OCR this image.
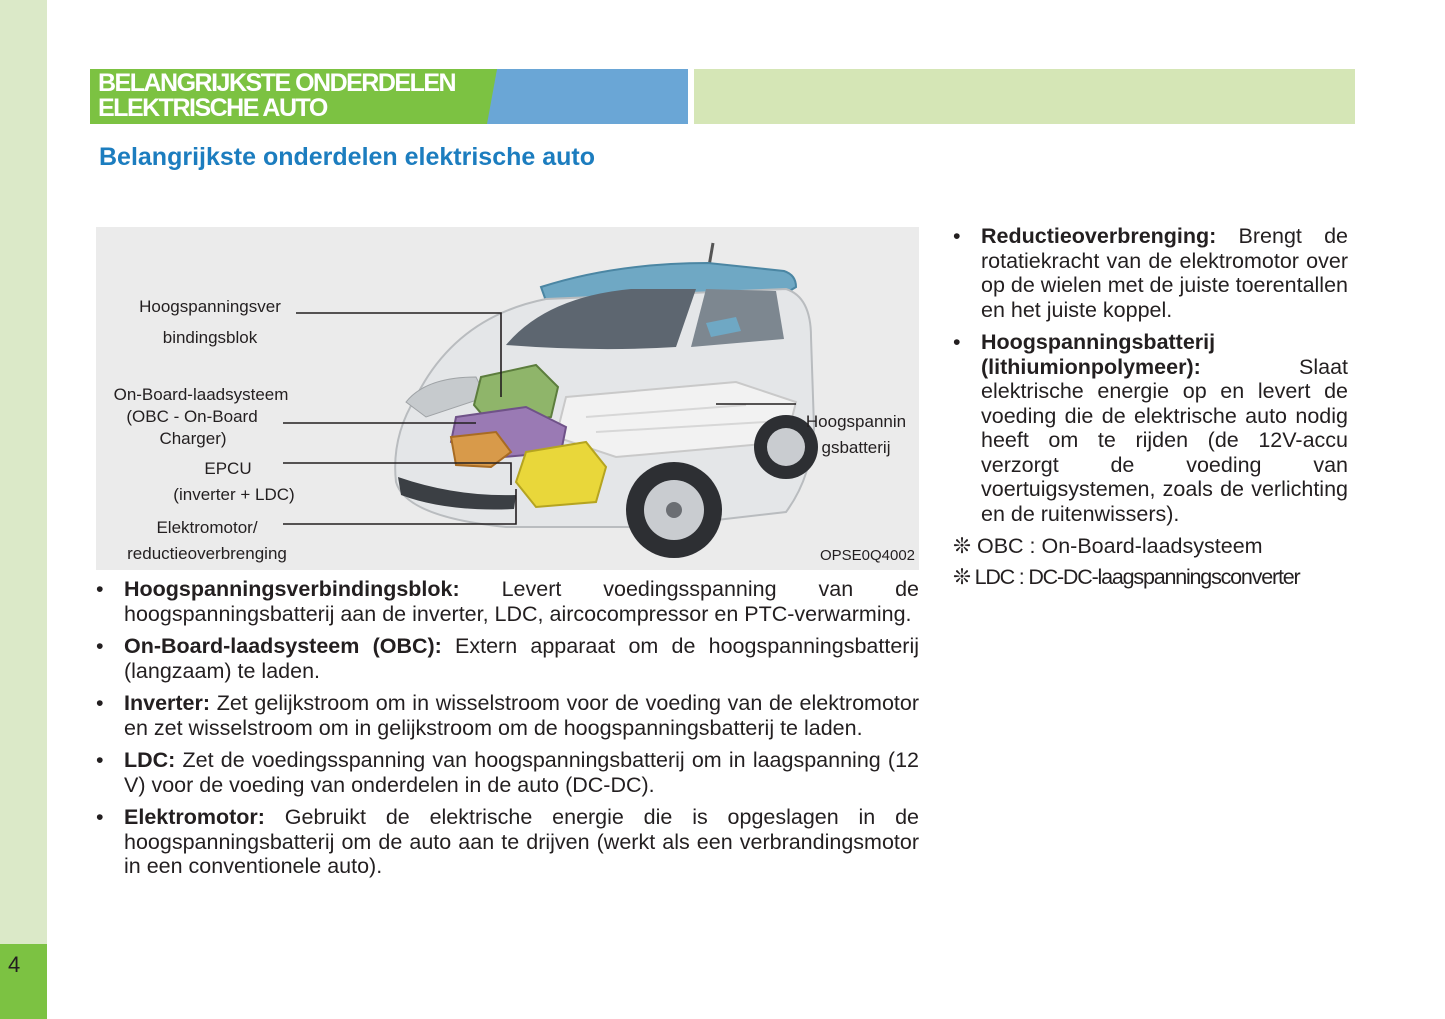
4
BELANGRIJKSTE ONDERDELEN
ELEKTRISCHE AUTO
Belangrijkste onderdelen elektrische auto
Hoogspanningsver
bindingsblok
On-Board-laadsysteem
(OBC - On-Board
Charger)
EPCU
(inverter + LDC)
Elektromotor/
reductieoverbrenging
Hoogspannin
gsbatterij
OPSE0Q4002
• Hoogspanningsverbindingsblok: Levert voedingsspanning van de hoogspanningsbatterij aan de inverter, LDC, aircocompressor en PTC-verwarming.
• On-Board-laadsysteem (OBC): Extern apparaat om de hoogspanningsbatterij (langzaam) te laden.
• Inverter: Zet gelijkstroom om in wisselstroom voor de voeding van de elektromotor en zet wisselstroom om in gelijkstroom om de hoogspanningsbatterij te laden.
• LDC: Zet de voedingsspanning van hoogspanningsbatterij om in laagspanning (12 V) voor de voeding van onderdelen in de auto (DC-DC).
• Elektromotor: Gebruikt de elektrische energie die is opgeslagen in de hoogspanningsbatterij om de auto aan te drijven (werkt als een verbrandingsmotor in een conventionele auto).
• Reductieoverbrenging: Brengt de rotatiekracht van de elektromotor over op de wielen met de juiste toerentallen en het juiste koppel.
• Hoogspanningsbatterij (lithiumionpolymeer): Slaat elektrische energie op en levert de voeding die de elektrische auto nodig heeft om te rijden (de 12V-accu verzorgt de voeding van voertuigsystemen, zoals de verlichting en de ruitenwissers).
❊ OBC : On-Board-laadsysteem
❊ LDC : DC-DC-laagspanningsconverter
